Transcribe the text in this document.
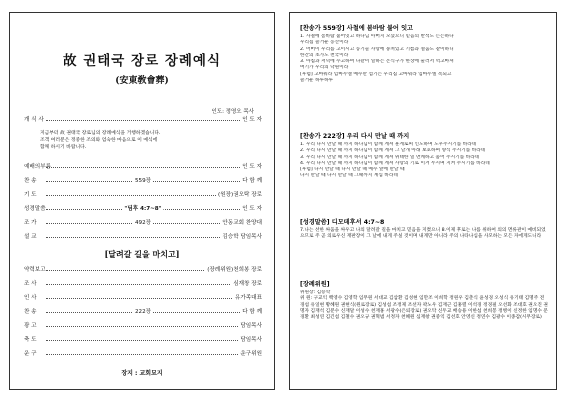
故 권태국 장로 장례예식
(安東敎會葬)
인도: 정영오 목사
개 식 사	인 도 자
지금부터 故 권태국 장로님의 장례예식을 거행하겠습니다.
조객 여러분은 정중한 조의와 엄숙한 마음으로 이 예식에
함께 하시기 바랍니다.
예배의부름	인 도 자
찬 송	559장	다 함 께
기 도	(원장)권오탁 장로
성경말씀	"딤후 4:7~8"	인 도 자
조 가	492장	안동교회 찬양대
설 교	김승학 담임목사
[달려갈 길을 마치고]
약력보고	(장례위원)천희봉 장로
조 사	심재창 장로
인 사	유가족대표
찬 송	222장	다 함 께
광 고	담임목사
축 도	담임목사
운 구	운구위원
장지 : 교회묘지
[찬송가 559장] 사철에 봄바람 불어 잇고
1. 사철에 봄바람 불어잇고 하나님 아버지 모셨으니 믿음의 반석도 든든하다
우리집 즐거운 동산이라
2. 어버이 우리를 고이시고 동기들 사랑에 뭉쳐있고 기쁨과 설움도 같이하니
한간의 초가도 천국이라
3. 아침과 저녁에 수고하여 다같이 일하는 온식구가 한상에 둘러서 먹고마셔
여기가 우리의 낙원이라
[후렴] 고마워라 임마누엘 예수만 섬기는 우리집 고마워라 임마누엘 복되고
즐거운 하루하루
[찬송가 222장] 우리 다시 만날 때 까지
1. 우리 다시 만날 때 까지 하나님이 함께 계셔 훈계로써 인도하며 도우주시기를 바라네
2. 우리 다시 만날 때 까지 하나님이 함께 계셔 그 날개 아래 보호하며 양식 주시기를 바라네
3. 우리 다시 만날 때 까지 하나님이 함께 계셔 위태한 일 면케하고 품어 주시기를 바라네
4. 우리 다시 만날 때 까지 하나님이 함께 계셔 사랑의 기로 이겨 두시며 지켜 주시기를 바라네
[후렴] 다시 만날 때 다시 만날 때 예수 앞에 만날 때
다시 만날 때 다시 만날 때 그때까지 계심 바라네
[성경말씀] 디모데후서 4:7~8
7.나는 선한 싸움을 싸우고 나의 달려갈 길을 마치고 믿음을 지켰으니 8.이제 후로는 나를 위하여 의의 면류관이 예비되었으므로 주 곧 의로우신 재판장이 그 날에 내게 주실 것이며 내게만 아니라 주의 나타나심을 사모하는 모든 자에게도니라
[장례위원]
위원장: 김승학
위 원: 구교익 백영수 김영학 임무원 서대교 김삼환 김성현 임만조 이희학 정원우 김춘식 윤성경 오성식 유기태 김명주 전경섭 유일현 황혜원 권현식(원로장로) 김성섭 조정제 조선자 곽노우 김재근 김홍렬 이석경 정경필 오선화 조대호 권오진 권명자 김재석 김분수 신재달 이성수 천재홍 서광수(은퇴장로) 권오탁 신두교 배승용 이한섭 천희봉 정병이 신정한 임명수 문경환 최성연 김긴섭 김철수 권오규 권혁범 서정자 천혜원 심재창 권중익 김선호 안영신 정연수 김광수 이종갑(시무장로)
